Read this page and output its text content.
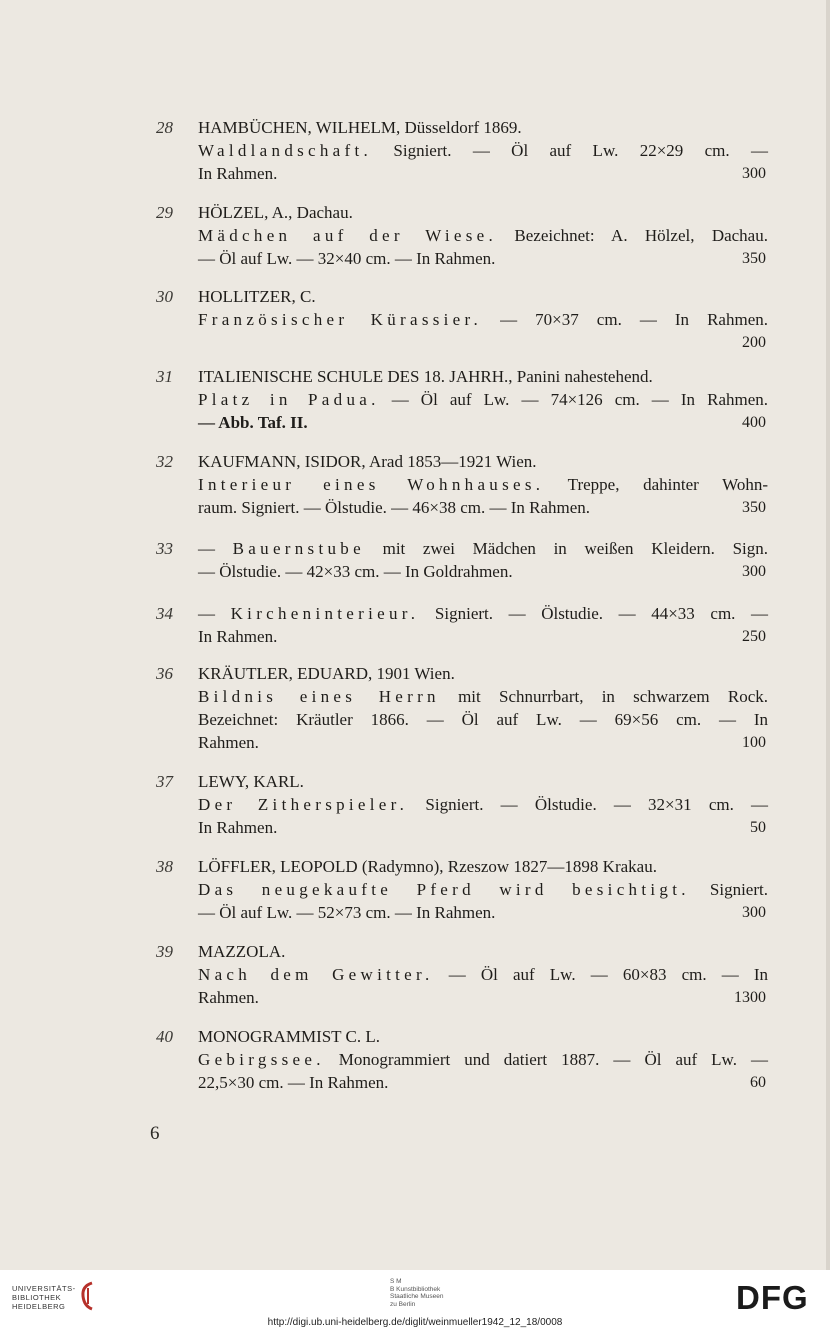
28	HAMBÜCHEN, WILHELM, Düsseldorf 1869.
Waldlandschaft. Signiert. — Öl auf Lw. 22×29 cm. —
In Rahmen.	300
29	HÖLZEL, A., Dachau.
Mädchen auf der Wiese. Bezeichnet: A. Hölzel, Dachau.
— Öl auf Lw. — 32×40 cm. — In Rahmen.	350
30	HOLLITZER, C.
Französischer Kürassier. — 70×37 cm. — In Rahmen.
200
31	ITALIENISCHE SCHULE DES 18. JAHRH., Panini nahestehend.
Platz in Padua. — Öl auf Lw. — 74×126 cm. — In Rahmen.
— Abb. Taf. II.	400
32	KAUFMANN, ISIDOR, Arad 1853—1921 Wien.
Interieur eines Wohnhauses. Treppe, dahinter Wohn-
raum. Signiert. — Ölstudie. — 46×38 cm. — In Rahmen.	350
33	— Bauernstube mit zwei Mädchen in weißen Kleidern. Sign.
— Ölstudie. — 42×33 cm. — In Goldrahmen.	300
34	— Kircheninterieur. Signiert. — Ölstudie. — 44×33 cm. —
In Rahmen.	250
36	KRÄUTLER, EDUARD, 1901 Wien.
Bildnis eines Herrn mit Schnurrbart, in schwarzem Rock.
Bezeichnet: Kräutler 1866. — Öl auf Lw. — 69×56 cm. — In
Rahmen.	100
37	LEWY, KARL.
Der Zitherspieler. Signiert. — Ölstudie. — 32×31 cm. —
In Rahmen.	50
38	LÖFFLER, LEOPOLD (Radymno), Rzeszow 1827—1898 Krakau.
Das neugekaufte Pferd wird besichtigt. Signiert.
— Öl auf Lw. — 52×73 cm. — In Rahmen.	300
39	MAZZOLA.
Nach dem Gewitter. — Öl auf Lw. — 60×83 cm. — In
Rahmen.	1300
40	MONOGRAMMIST C. L.
Gebirgssee. Monogrammiert und datiert 1887. — Öl auf Lw. —
22,5×30 cm. — In Rahmen.	60
6
UNIVERSITÄTS-
BIBLIOTHEK
HEIDELBERG
S M
B Kunstbibliothek
Staatliche Museen
zu Berlin	DFG
http://digi.ub.uni-heidelberg.de/diglit/weinmueller1942_12_18/0008
